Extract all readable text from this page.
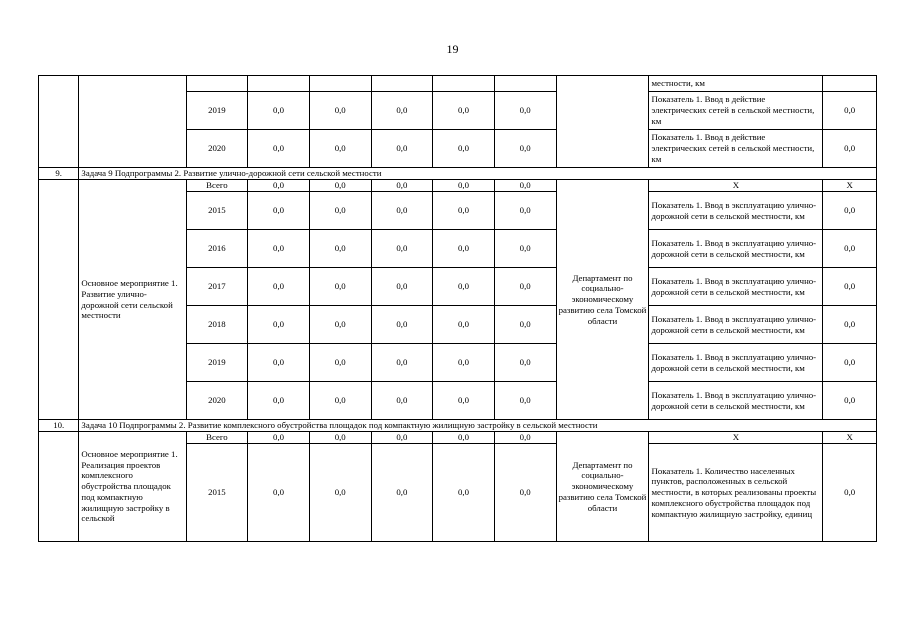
19
									местности, км	
		2019	0,0	0,0	0,0	0,0	0,0		Показатель 1. Ввод в действие электрических сетей в сельской местности, км	0,0
		2020	0,0	0,0	0,0	0,0	0,0		Показатель 1. Ввод в действие электрических сетей в сельской местности, км	0,0
9.	Задача 9 Подпрограммы 2. Развитие улично-дорожной сети сельской местности									
	Основное мероприятие 1. Развитие улично-дорожной сети сельской местности	Всего	0,0	0,0	0,0	0,0	0,0	Департамент по социально-экономическому развитию села Томской области	Х	Х
		2015	0,0	0,0	0,0	0,0	0,0		Показатель 1. Ввод в эксплуатацию улично-дорожной сети в сельской местности, км	0,0
		2016	0,0	0,0	0,0	0,0	0,0		Показатель 1. Ввод в эксплуатацию улично-дорожной сети в сельской местности, км	0,0
		2017	0,0	0,0	0,0	0,0	0,0		Показатель 1. Ввод в эксплуатацию улично-дорожной сети в сельской местности, км	0,0
		2018	0,0	0,0	0,0	0,0	0,0		Показатель 1. Ввод в эксплуатацию улично-дорожной сети в сельской местности, км	0,0
		2019	0,0	0,0	0,0	0,0	0,0		Показатель 1. Ввод в эксплуатацию улично-дорожной сети в сельской местности, км	0,0
		2020	0,0	0,0	0,0	0,0	0,0		Показатель 1. Ввод в эксплуатацию улично-дорожной сети в сельской местности, км	0,0
10.	Задача 10 Подпрограммы 2. Развитие комплексного обустройства площадок под компактную жилищную застройку в сельской местности									
	Основное мероприятие 1. Реализация проектов комплексного обустройства площадок под компактную жилищную застройку в сельской	Всего	0,0	0,0	0,0	0,0	0,0	Департамент по социально-экономическому развитию села Томской области	Х	Х
		2015	0,0	0,0	0,0	0,0	0,0		Показатель 1. Количество населенных пунктов, расположенных в сельской местности, в которых реализованы проекты комплексного обустройства площадок под компактную жилищную застройку, единиц	0,0
